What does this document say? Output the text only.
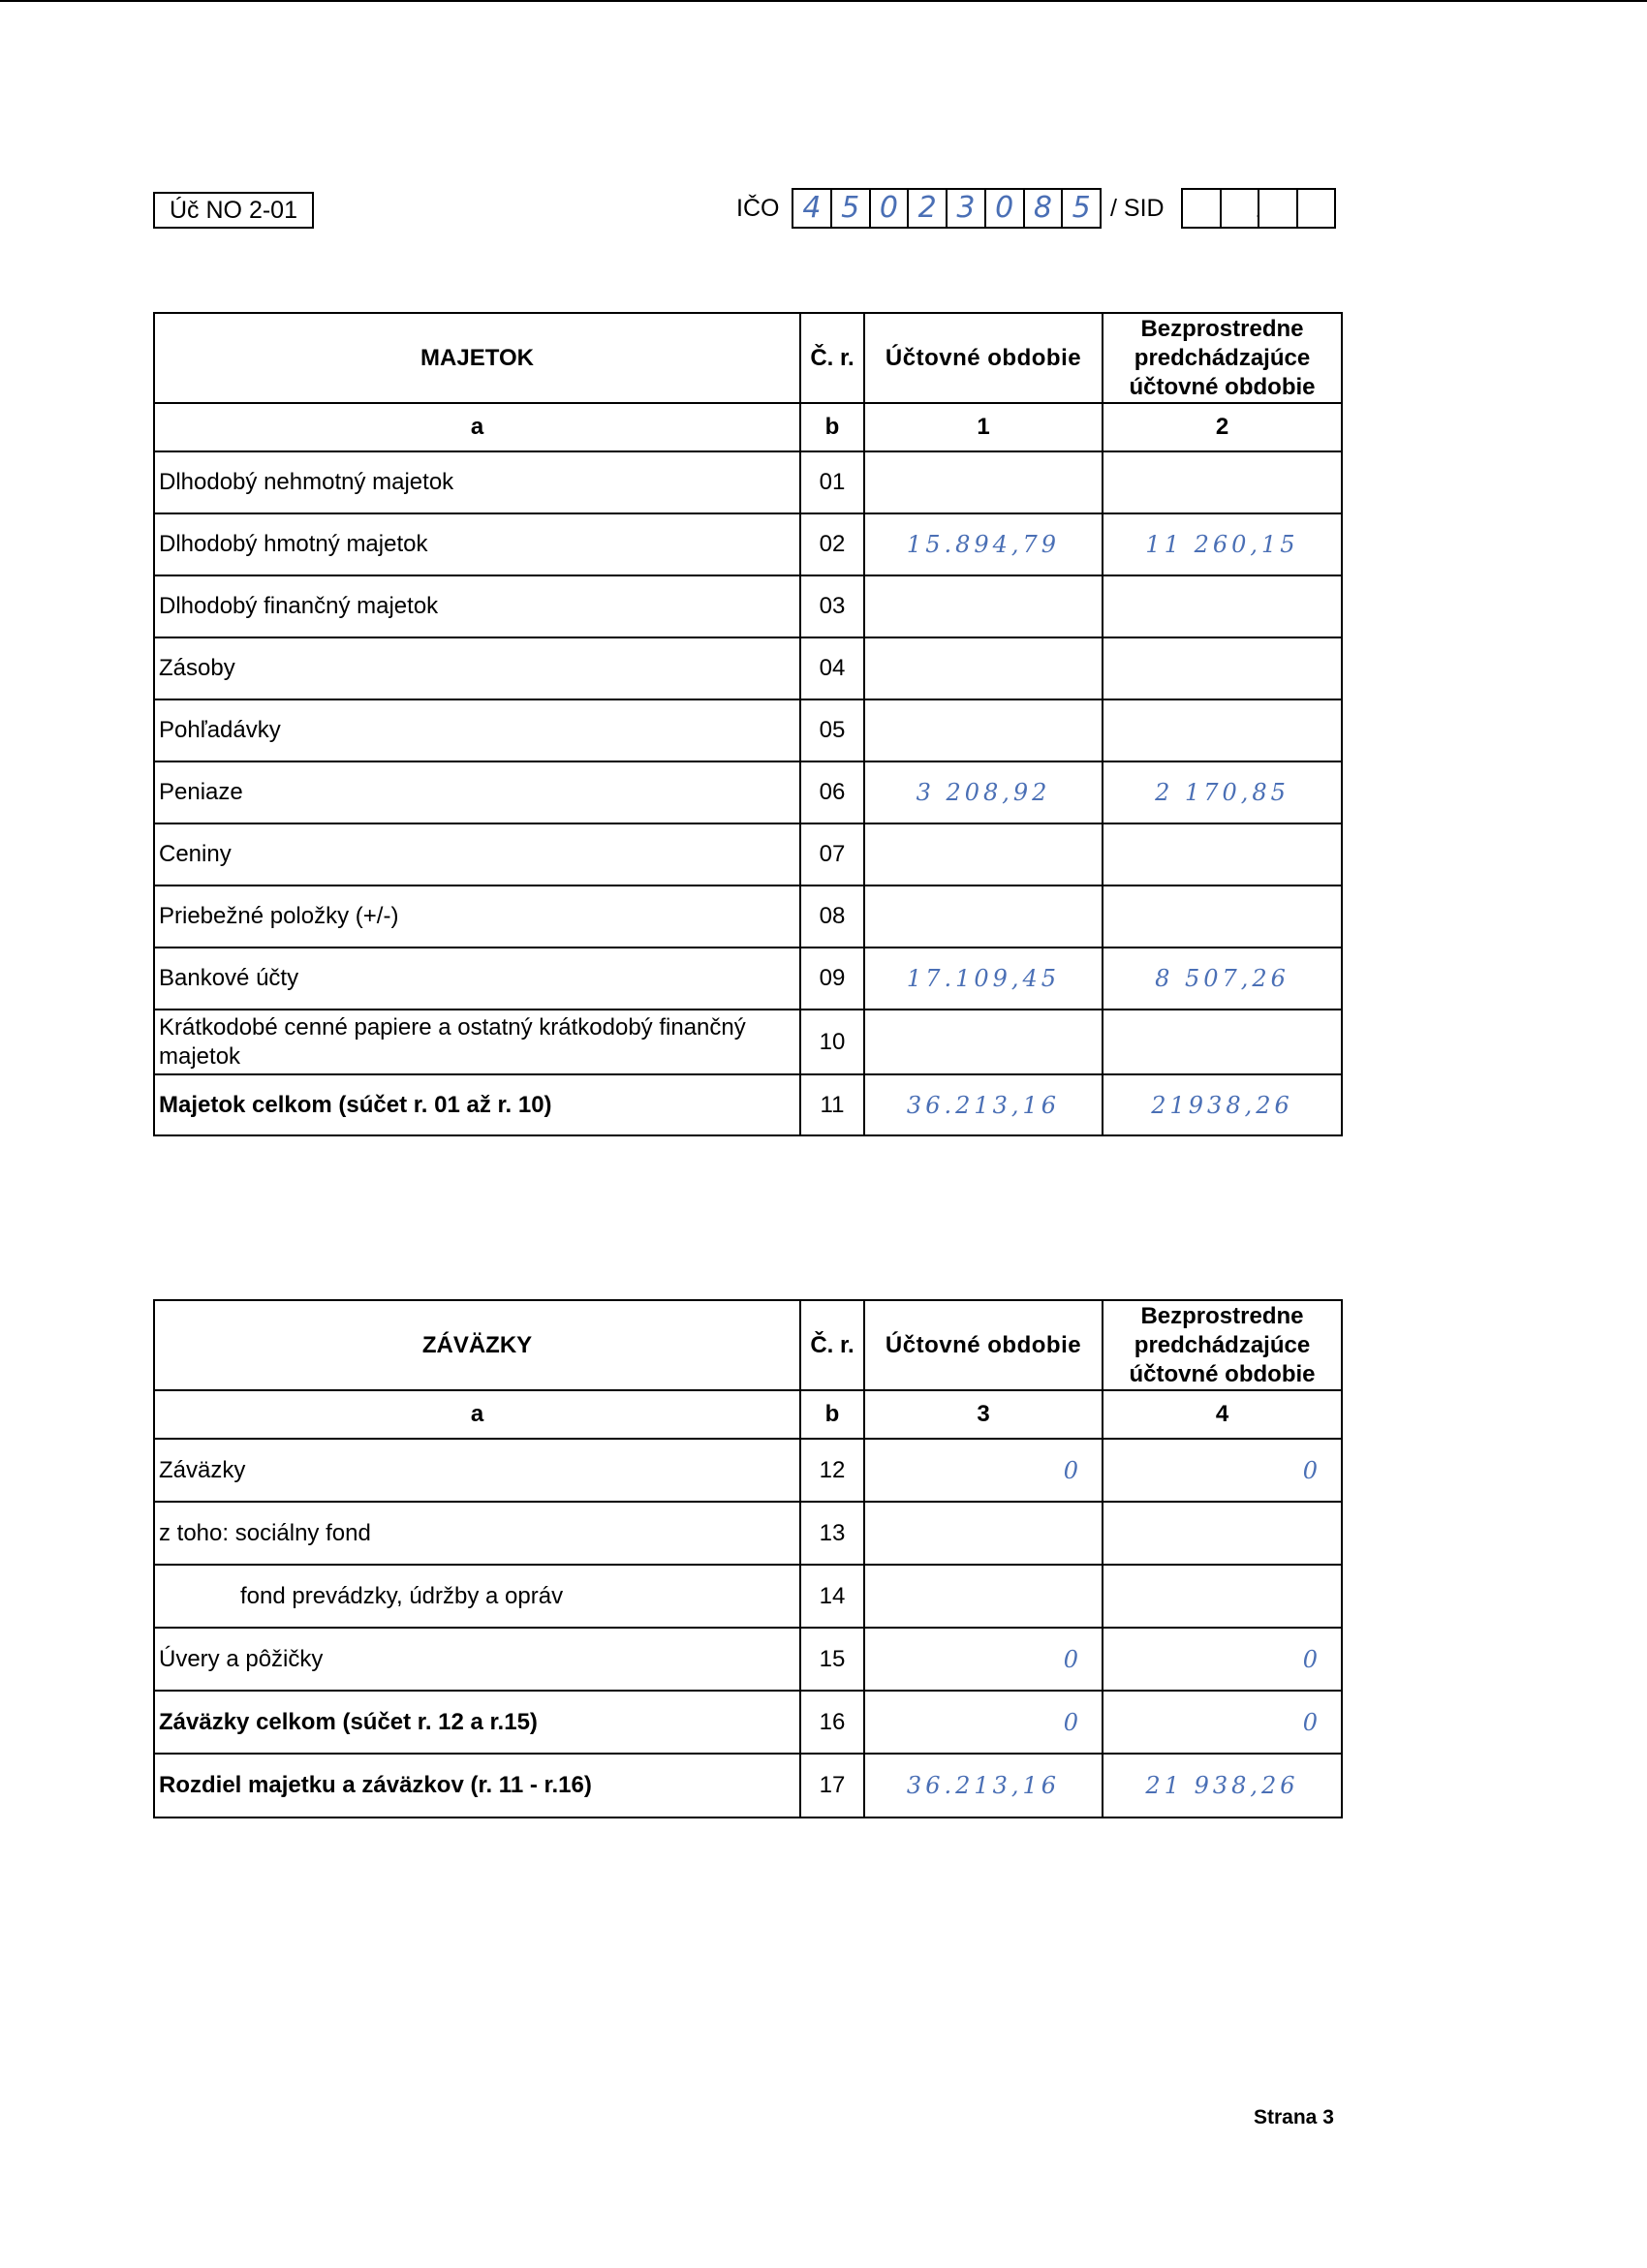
Úč NO 2-01	IČO 4 5 0 2 3 0 8 5 / SID	.
MAJETOK	Č. r.	Účtovné obdobie	Bezprostredne predchádzajúce účtovné obdobie
a	b	1	2
Dlhodobý nehmotný majetok	01		
Dlhodobý hmotný majetok	02	15.894,79	11 260,15
Dlhodobý finančný majetok	03		
Zásoby	04		
Pohľadávky	05		
Peniaze	06	3 208,92	2 170,85
Ceniny	07		
Priebežné položky (+/-)	08		
Bankové účty	09	17.109,45	8 507,26
Krátkodobé cenné papiere a ostatný krátkodobý finančný majetok	10		
Majetok celkom (súčet r. 01 až r. 10)	11	36.213,16	21938,26
ZÁVÄZKY	Č. r.	Účtovné obdobie	Bezprostredne predchádzajúce účtovné obdobie
a	b	3	4
Záväzky	12	0	0
z toho: sociálny fond	13		
fond prevádzky, údržby a opráv	14		
Úvery a pôžičky	15	0	0
Záväzky celkom (súčet r. 12 a r.15)	16	0	0
Rozdiel majetku a záväzkov (r. 11 - r.16)	17	36.213,16	21 938,26
Strana 3
